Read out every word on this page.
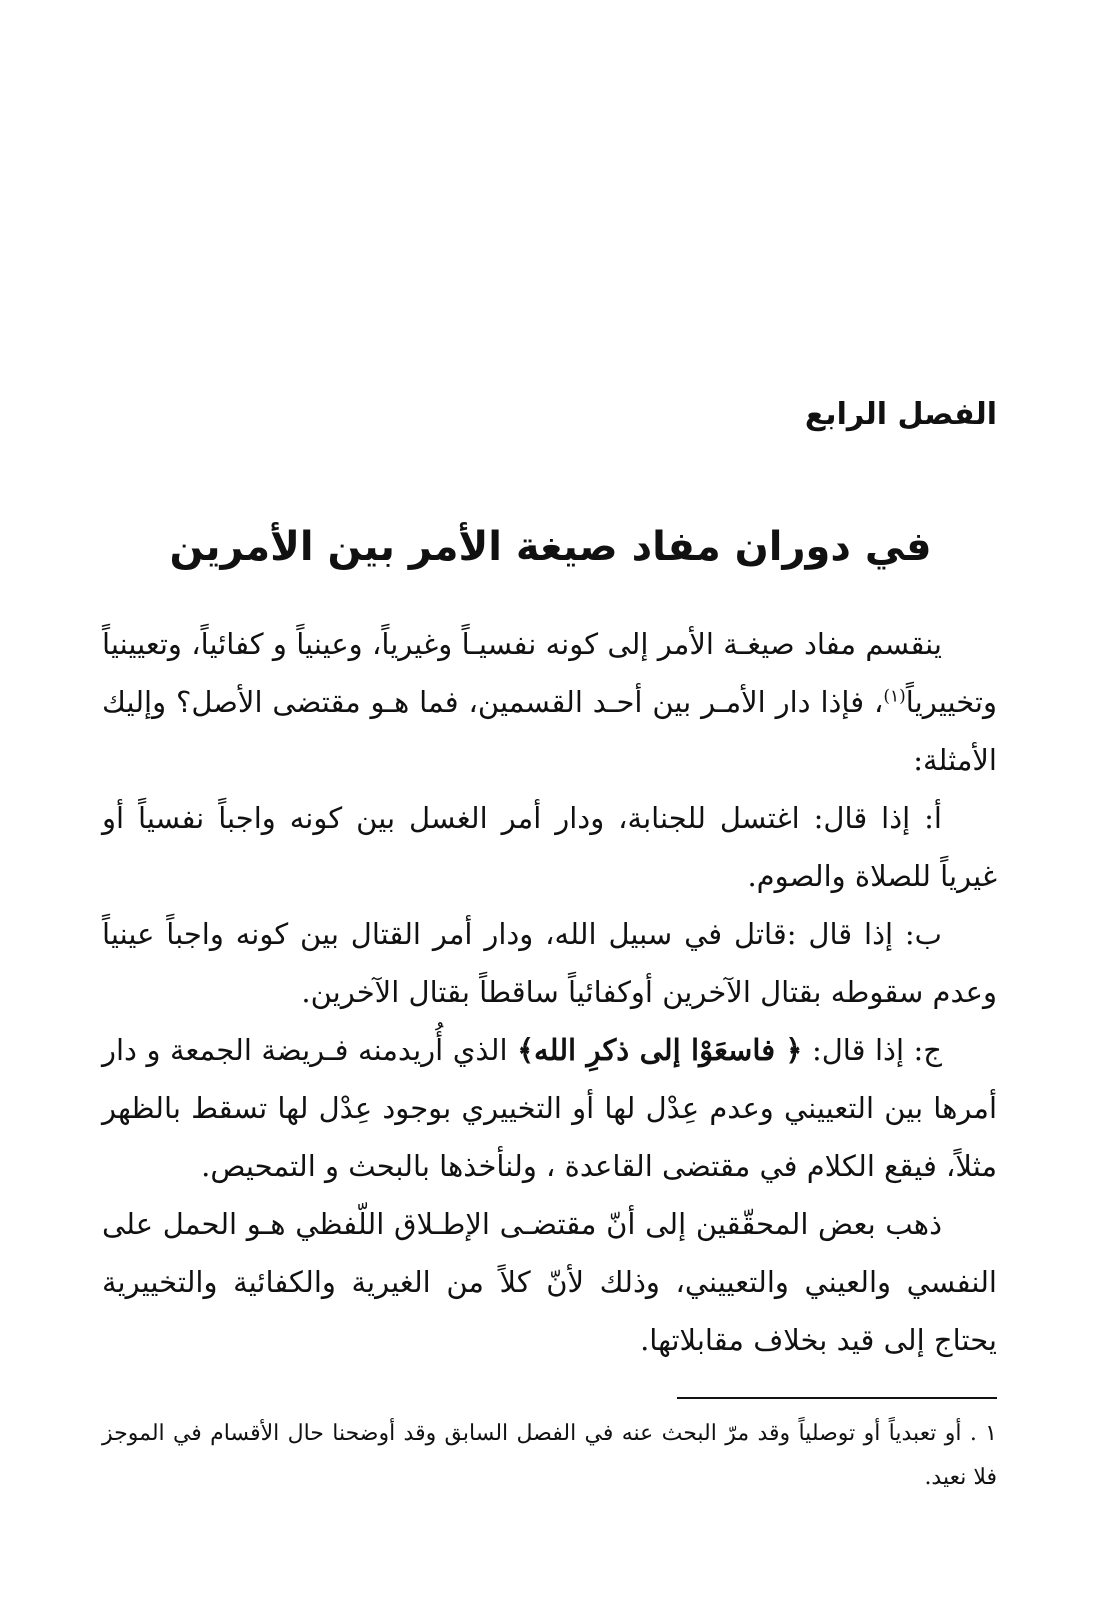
الفصل الرابع
في دوران مفاد صيغة الأمر بين الأمرين

ينقسم مفاد صيغـة الأمر إلى كونه نفسيـاً وغيرياً، وعينياً و كفائياً، وتعيينياً وتخييرياً$^{(١)}$، فإذا دار الأمـر بين أحـد القسمين، فما هـو مقتضى الأصل؟ وإليك الأمثلة:

أ: إذا قال: اغتسل للجنابة، ودار أمر الغسل بين كونه واجباً نفسياً أو غيرياً للصلاة والصوم.

ب: إذا قال :قاتل في سبيل الله، ودار أمر القتال بين كونه واجباً عينياً وعدم سقوطه بقتال الآخرين أوكفائياً ساقطاً بقتال الآخرين.

ج: إذا قال: ﴿ فاسعَوْا إلى ذكرِ الله﴾ الذي أُريدمنه فـريضة الجمعة و دار أمرها بين التعييني وعدم عِدْل لها أو التخييري بوجود عِدْل لها تسقط بالظهر مثلاً، فيقع الكلام في مقتضى القاعدة ، ولنأخذها بالبحث و التمحيص.

ذهب بعض المحقّقين إلى أنّ مقتضـى الإطـلاق اللّفظي هـو الحمل على النفسي والعيني والتعييني، وذلك لأنّ كلاً من الغيرية والكفائية والتخييرية يحتاج إلى قيد بخلاف مقابلاتها.

١ . أو تعبدياً أو توصلياً وقد مرّ البحث عنه في الفصل السابق وقد أوضحنا حال الأقسام في الموجز فلا نعيد.
